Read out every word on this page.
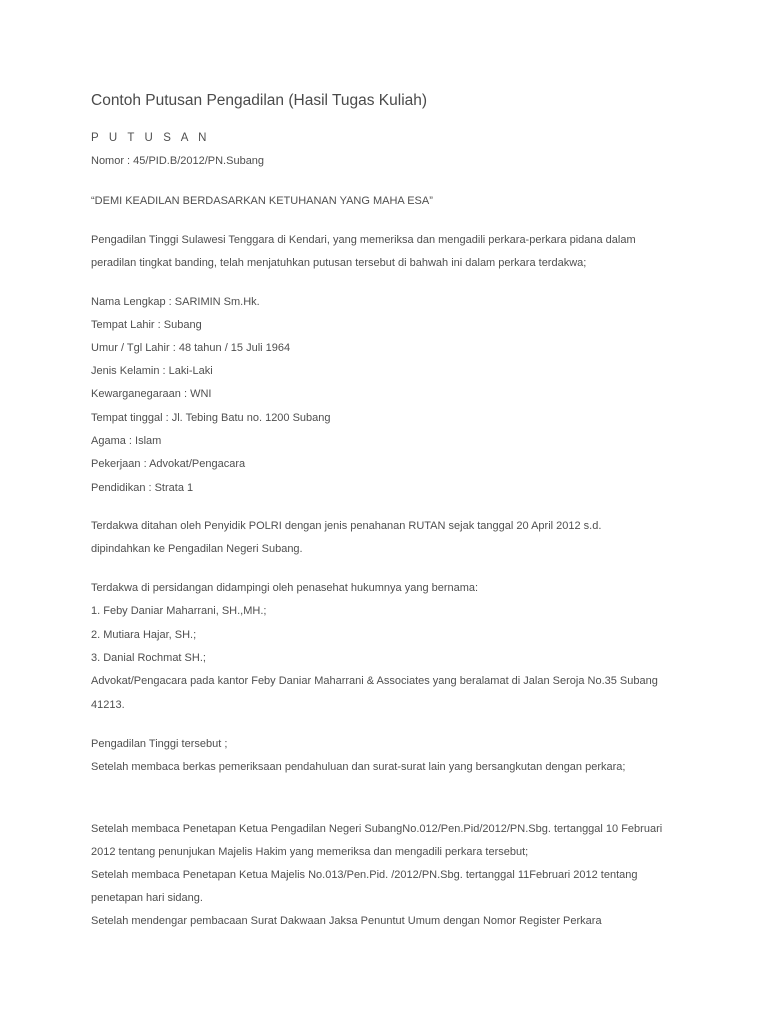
Contoh Putusan Pengadilan (Hasil Tugas Kuliah)
P U T U S A N
Nomor : 45/PID.B/2012/PN.Subang
“DEMI KEADILAN BERDASARKAN KETUHANAN YANG MAHA ESA”
Pengadilan Tinggi Sulawesi Tenggara di Kendari, yang memeriksa dan mengadili perkara-perkara pidana dalam
peradilan tingkat banding, telah menjatuhkan putusan tersebut di bahwah ini dalam perkara terdakwa;
Nama Lengkap : SARIMIN Sm.Hk.
Tempat Lahir : Subang
Umur / Tgl Lahir : 48 tahun / 15 Juli 1964
Jenis Kelamin : Laki-Laki
Kewarganegaraan : WNI
Tempat tinggal : Jl. Tebing Batu no. 1200 Subang
Agama : Islam
Pekerjaan : Advokat/Pengacara
Pendidikan : Strata 1
Terdakwa ditahan oleh Penyidik POLRI dengan jenis penahanan RUTAN sejak tanggal 20 April 2012 s.d.
dipindahkan ke Pengadilan Negeri Subang.
Terdakwa di persidangan didampingi oleh penasehat hukumnya yang bernama:
1. Feby Daniar Maharrani, SH.,MH.;
2. Mutiara Hajar, SH.;
3. Danial Rochmat SH.;
Advokat/Pengacara pada kantor Feby Daniar Maharrani & Associates yang beralamat di Jalan Seroja No.35 Subang
41213.
Pengadilan Tinggi tersebut ;
Setelah membaca berkas pemeriksaan pendahuluan dan surat-surat lain yang bersangkutan dengan perkara;
Setelah membaca Penetapan Ketua Pengadilan Negeri SubangNo.012/Pen.Pid/2012/PN.Sbg. tertanggal 10 Februari
2012 tentang penunjukan Majelis Hakim yang memeriksa dan mengadili perkara tersebut;
Setelah membaca Penetapan Ketua Majelis No.013/Pen.Pid. /2012/PN.Sbg. tertanggal 11Februari 2012 tentang
penetapan hari sidang.
Setelah mendengar pembacaan Surat Dakwaan Jaksa Penuntut Umum dengan Nomor Register Perkara
